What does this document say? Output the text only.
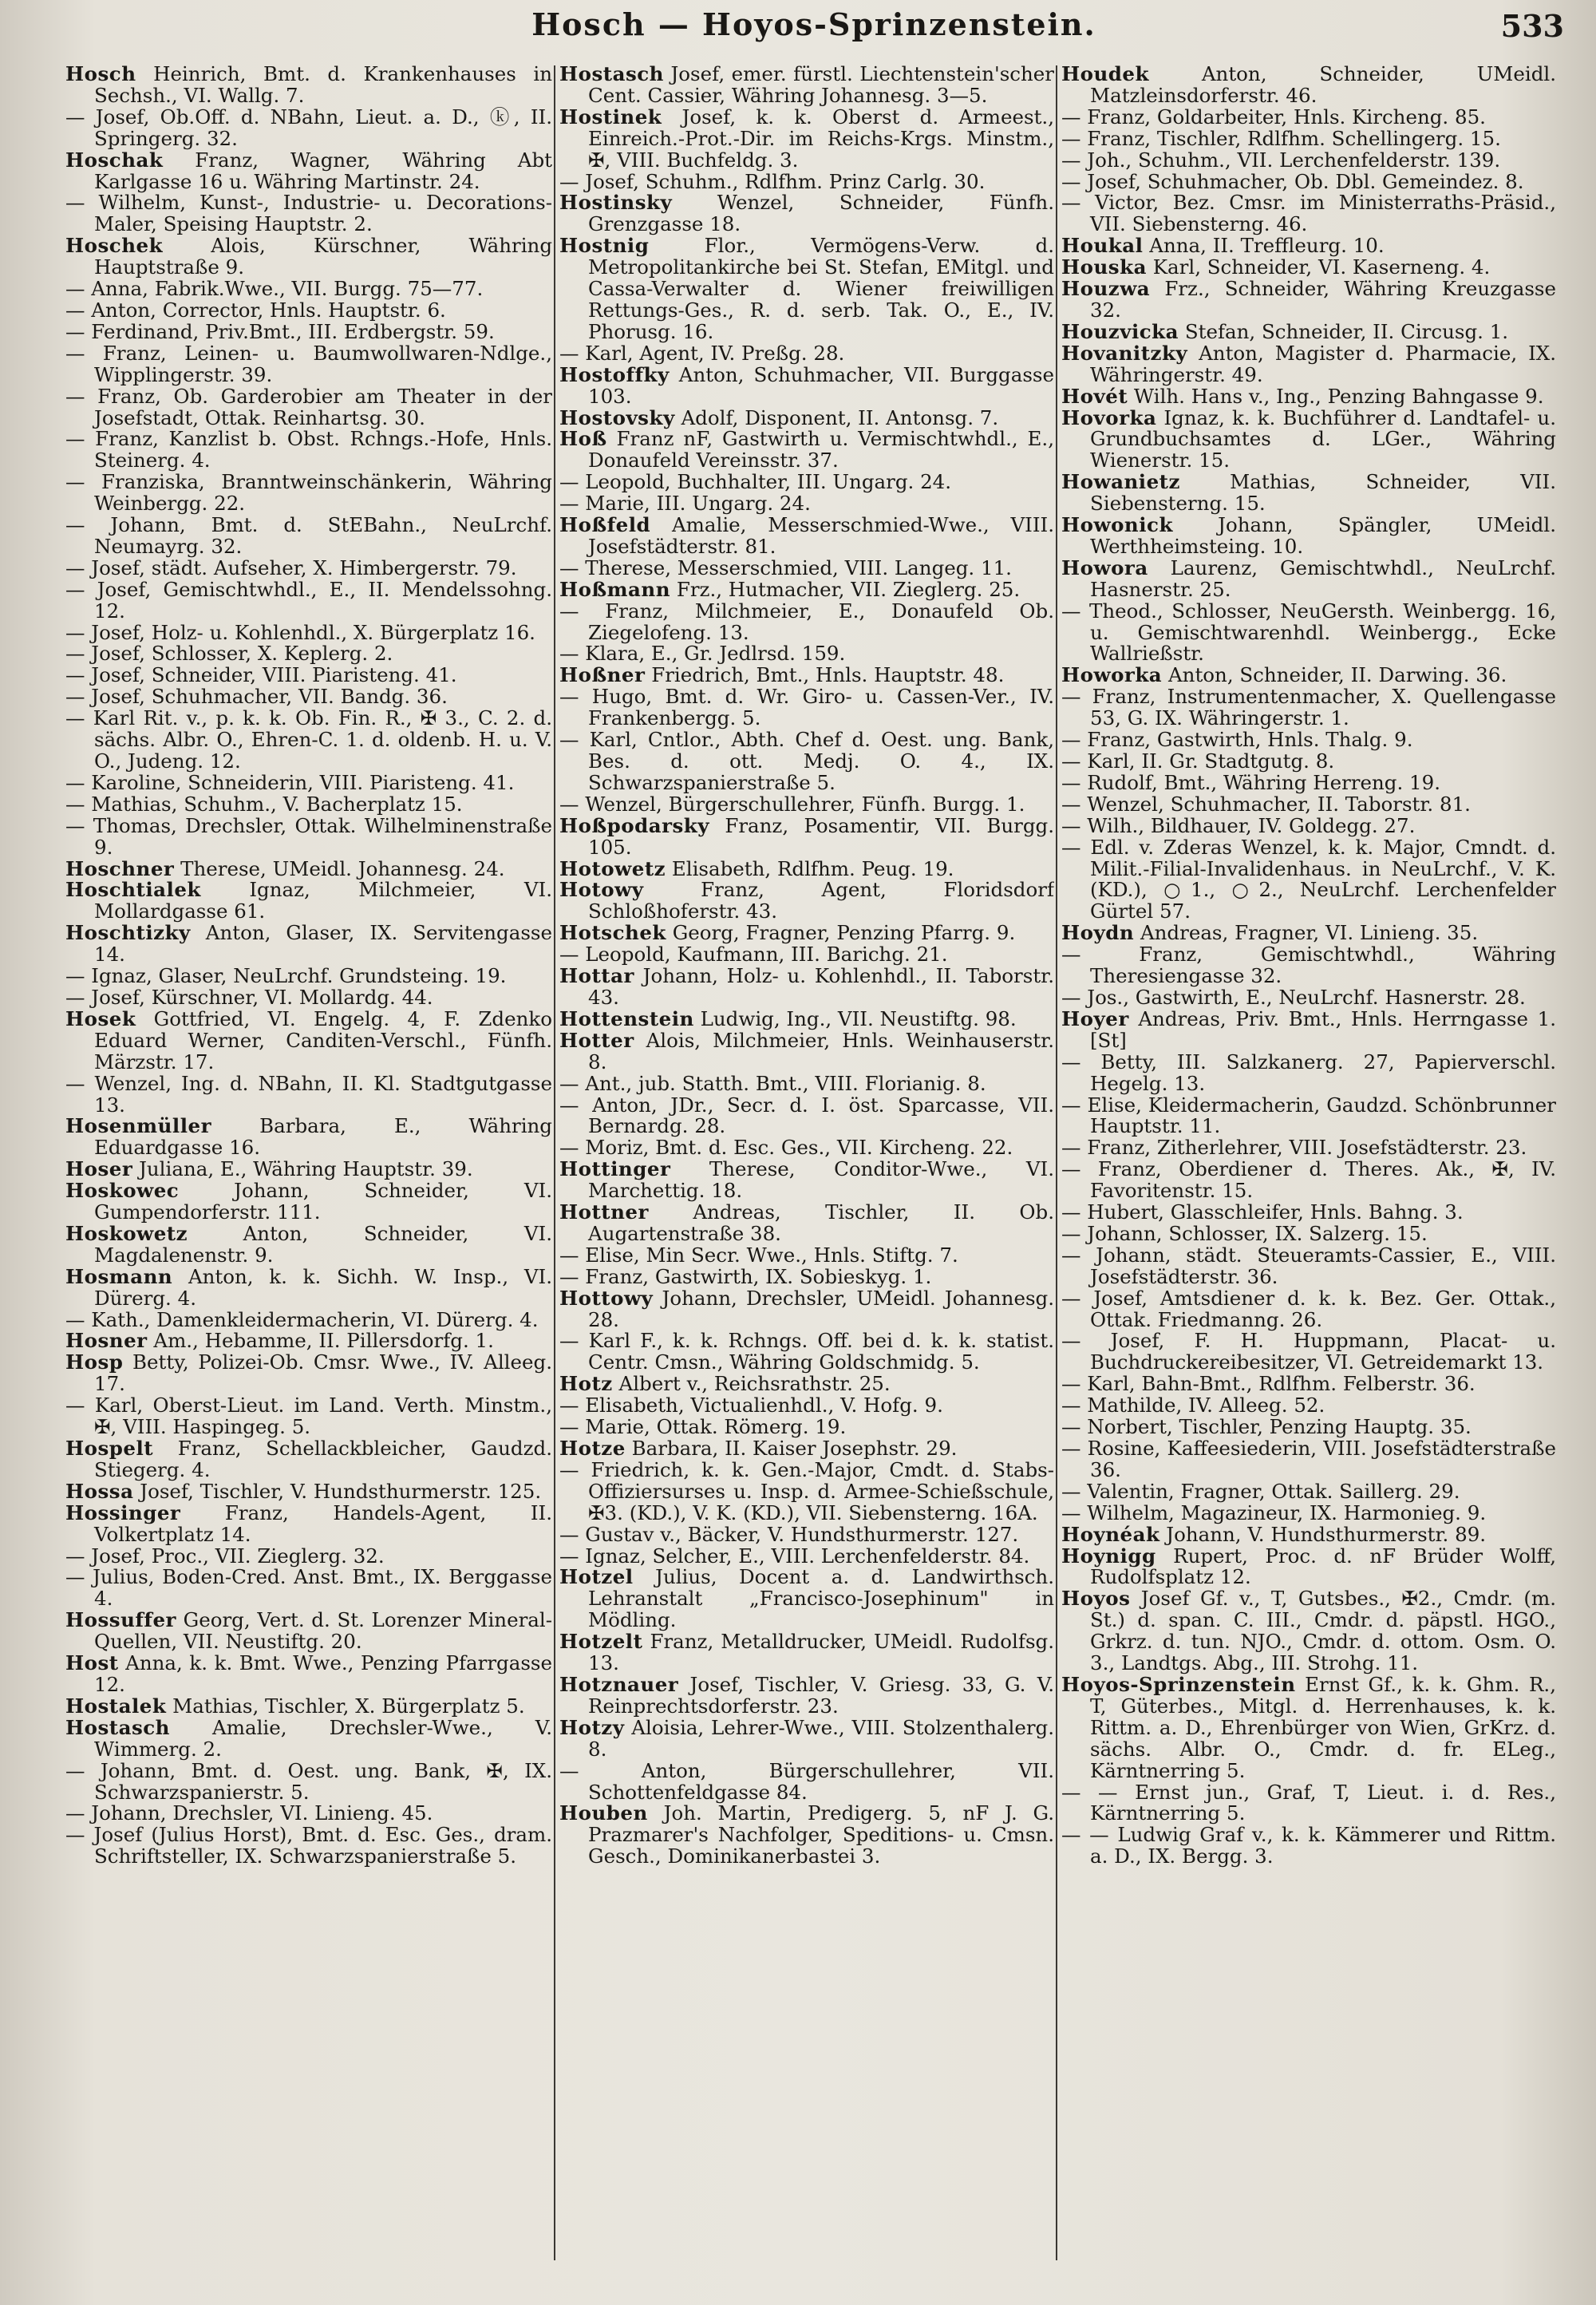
Hosch — Hoyos-Sprinzenstein.	533

Hosch Heinrich, Bmt. d. Krankenhauses in Sechsh., VI. Wallg. 7.

— Josef, Ob.Off. d. NBahn, Lieut. a. D., ⓚ, II. Springerg. 32.

Hoschak Franz, Wagner, Währing Abt Karlgasse 16 u. Währing Martinstr. 24.

— Wilhelm, Kunst-, Industrie- u. Decorations-Maler, Speising Hauptstr. 2.

Hoschek Alois, Kürschner, Währing Hauptstraße 9.

— Anna, Fabrik.Wwe., VII. Burgg. 75—77.

— Anton, Corrector, Hnls. Hauptstr. 6.

— Ferdinand, Priv.Bmt., III. Erdbergstr. 59.

— Franz, Leinen- u. Baumwollwaren-Ndlge., Wipplingerstr. 39.

— Franz, Ob. Garderobier am Theater in der Josefstadt, Ottak. Reinhartsg. 30.

— Franz, Kanzlist b. Obst. Rchngs.-Hofe, Hnls. Steinerg. 4.

— Franziska, Branntweinschänkerin, Währing Weinbergg. 22.

— Johann, Bmt. d. StEBahn., NeuLrchf. Neumayrg. 32.

— Josef, städt. Aufseher, X. Himbergerstr. 79.

— Josef, Gemischtwhdl., E., II. Mendelssohng. 12.

— Josef, Holz- u. Kohlenhdl., X. Bürgerplatz 16.

— Josef, Schlosser, X. Keplerg. 2.

— Josef, Schneider, VIII. Piaristeng. 41.

— Josef, Schuhmacher, VII. Bandg. 36.

— Karl Rit. v., p. k. k. Ob. Fin. R., ✠ 3., C. 2. d. sächs. Albr. O., Ehren-C. 1. d. oldenb. H. u. V. O., Judeng. 12.

— Karoline, Schneiderin, VIII. Piaristeng. 41.

— Mathias, Schuhm., V. Bacherplatz 15.

— Thomas, Drechsler, Ottak. Wilhelminenstraße 9.

Hoschner Therese, UMeidl. Johannesg. 24.

Hoschtialek Ignaz, Milchmeier, VI. Mollardgasse 61.

Hoschtizky Anton, Glaser, IX. Servitengasse 14.

— Ignaz, Glaser, NeuLrchf. Grundsteing. 19.

— Josef, Kürschner, VI. Mollardg. 44.

Hosek Gottfried, VI. Engelg. 4, F. Zdenko Eduard Werner, Canditen-Verschl., Fünfh. Märzstr. 17.

— Wenzel, Ing. d. NBahn, II. Kl. Stadtgutgasse 13.

Hosenmüller Barbara, E., Währing Eduardgasse 16.

Hoser Juliana, E., Währing Hauptstr. 39.

Hoskowec Johann, Schneider, VI. Gumpendorferstr. 111.

Hoskowetz Anton, Schneider, VI. Magdalenenstr. 9.

Hosmann Anton, k. k. Sichh. W. Insp., VI. Dürerg. 4.

— Kath., Damenkleidermacherin, VI. Dürerg. 4.

Hosner Am., Hebamme, II. Pillersdorfg. 1.

Hosp Betty, Polizei-Ob. Cmsr. Wwe., IV. Alleeg. 17.

— Karl, Oberst-Lieut. im Land. Verth. Minstm., ✠, VIII. Haspingeg. 5.

Hospelt Franz, Schellackbleicher, Gaudzd. Stiegerg. 4.

Hossa Josef, Tischler, V. Hundsthurmerstr. 125.

Hossinger Franz, Handels-Agent, II. Volkertplatz 14.

— Josef, Proc., VII. Zieglerg. 32.

— Julius, Boden-Cred. Anst. Bmt., IX. Berggasse 4.

Hossuffer Georg, Vert. d. St. Lorenzer Mineral-Quellen, VII. Neustiftg. 20.

Host Anna, k. k. Bmt. Wwe., Penzing Pfarrgasse 12.

Hostalek Mathias, Tischler, X. Bürgerplatz 5.

Hostasch Amalie, Drechsler-Wwe., V. Wimmerg. 2.

— Johann, Bmt. d. Oest. ung. Bank, ✠, IX. Schwarzspanierstr. 5.

— Johann, Drechsler, VI. Linieng. 45.

— Josef (Julius Horst), Bmt. d. Esc. Ges., dram. Schriftsteller, IX. Schwarzspanierstraße 5.

Hostasch Josef, emer. fürstl. Liechtenstein'scher Cent. Cassier, Währing Johannesg. 3—5.

Hostinek Josef, k. k. Oberst d. Armeest., Einreich.-Prot.-Dir. im Reichs-Krgs. Minstm., ✠, VIII. Buchfeldg. 3.

— Josef, Schuhm., Rdlfhm. Prinz Carlg. 30.

Hostinsky Wenzel, Schneider, Fünfh. Grenzgasse 18.

Hostnig Flor., Vermögens-Verw. d. Metropolitankirche bei St. Stefan, EMitgl. und Cassa-Verwalter d. Wiener freiwilligen Rettungs-Ges., R. d. serb. Tak. O., E., IV. Phorusg. 16.

— Karl, Agent, IV. Preßg. 28.

Hostoffky Anton, Schuhmacher, VII. Burggasse 103.

Hostovsky Adolf, Disponent, II. Antonsg. 7.

Hoß Franz nF, Gastwirth u. Vermischtwhdl., E., Donaufeld Vereinsstr. 37.

— Leopold, Buchhalter, III. Ungarg. 24.

— Marie, III. Ungarg. 24.

Hoßfeld Amalie, Messerschmied-Wwe., VIII. Josefstädterstr. 81.

— Therese, Messerschmied, VIII. Langeg. 11.

Hoßmann Frz., Hutmacher, VII. Zieglerg. 25.

— Franz, Milchmeier, E., Donaufeld Ob. Ziegelofeng. 13.

— Klara, E., Gr. Jedlrsd. 159.

Hoßner Friedrich, Bmt., Hnls. Hauptstr. 48.

— Hugo, Bmt. d. Wr. Giro- u. Cassen-Ver., IV. Frankenbergg. 5.

— Karl, Cntlor., Abth. Chef d. Oest. ung. Bank, Bes. d. ott. Medj. O. 4., IX. Schwarzspanierstraße 5.

— Wenzel, Bürgerschullehrer, Fünfh. Burgg. 1.

Hoßpodarsky Franz, Posamentir, VII. Burgg. 105.

Hotowetz Elisabeth, Rdlfhm. Peug. 19.

Hotowy Franz, Agent, Floridsdorf Schloßhoferstr. 43.

Hotschek Georg, Fragner, Penzing Pfarrg. 9.

— Leopold, Kaufmann, III. Barichg. 21.

Hottar Johann, Holz- u. Kohlenhdl., II. Taborstr. 43.

Hottenstein Ludwig, Ing., VII. Neustiftg. 98.

Hotter Alois, Milchmeier, Hnls. Weinhauserstr. 8.

— Ant., jub. Statth. Bmt., VIII. Florianig. 8.

— Anton, JDr., Secr. d. I. öst. Sparcasse, VII. Bernardg. 28.

— Moriz, Bmt. d. Esc. Ges., VII. Kircheng. 22.

Hottinger Therese, Conditor-Wwe., VI. Marchettig. 18.

Hottner Andreas, Tischler, II. Ob. Augartenstraße 38.

— Elise, Min Secr. Wwe., Hnls. Stiftg. 7.

— Franz, Gastwirth, IX. Sobieskyg. 1.

Hottowy Johann, Drechsler, UMeidl. Johannesg. 28.

— Karl F., k. k. Rchngs. Off. bei d. k. k. statist. Centr. Cmsn., Währing Goldschmidg. 5.

Hotz Albert v., Reichsrathstr. 25.

— Elisabeth, Victualienhdl., V. Hofg. 9.

— Marie, Ottak. Römerg. 19.

Hotze Barbara, II. Kaiser Josephstr. 29.

— Friedrich, k. k. Gen.-Major, Cmdt. d. Stabs-Offiziersurses u. Insp. d. Armee-Schießschule, ✠3. (KD.), V. K. (KD.), VII. Siebensterng. 16A.

— Gustav v., Bäcker, V. Hundsthurmerstr. 127.

— Ignaz, Selcher, E., VIII. Lerchenfelderstr. 84.

Hotzel Julius, Docent a. d. Landwirthsch. Lehranstalt „Francisco-Josephinum" in Mödling.

Hotzelt Franz, Metalldrucker, UMeidl. Rudolfsg. 13.

Hotznauer Josef, Tischler, V. Griesg. 33, G. V. Reinprechtsdorferstr. 23.

Hotzy Aloisia, Lehrer-Wwe., VIII. Stolzenthalerg. 8.

— Anton, Bürgerschullehrer, VII. Schottenfeldgasse 84.

Houben Joh. Martin, Predigerg. 5, nF J. G. Prazmarer's Nachfolger, Speditions- u. Cmsn. Gesch., Dominikanerbastei 3.

Houdek Anton, Schneider, UMeidl. Matzleinsdorferstr. 46.

— Franz, Goldarbeiter, Hnls. Kircheng. 85.

— Franz, Tischler, Rdlfhm. Schellingerg. 15.

— Joh., Schuhm., VII. Lerchenfelderstr. 139.

— Josef, Schuhmacher, Ob. Dbl. Gemeindez. 8.

— Victor, Bez. Cmsr. im Ministerraths-Präsid., VII. Siebensterng. 46.

Houkal Anna, II. Treffleurg. 10.

Houska Karl, Schneider, VI. Kaserneng. 4.

Houzwa Frz., Schneider, Währing Kreuzgasse 32.

Houzvicka Stefan, Schneider, II. Circusg. 1.

Hovanitzky Anton, Magister d. Pharmacie, IX. Währingerstr. 49.

Hovét Wilh. Hans v., Ing., Penzing Bahngasse 9.

Hovorka Ignaz, k. k. Buchführer d. Landtafel- u. Grundbuchsamtes d. LGer., Währing Wienerstr. 15.

Howanietz Mathias, Schneider, VII. Siebensterng. 15.

Howonick Johann, Spängler, UMeidl. Werthheimsteing. 10.

Howora Laurenz, Gemischtwhdl., NeuLrchf. Hasnerstr. 25.

— Theod., Schlosser, NeuGersth. Weinbergg. 16, u. Gemischtwarenhdl. Weinbergg., Ecke Wallrießstr.

Howorka Anton, Schneider, II. Darwing. 36.

— Franz, Instrumentenmacher, X. Quellengasse 53, G. IX. Währingerstr. 1.

— Franz, Gastwirth, Hnls. Thalg. 9.

— Karl, II. Gr. Stadtgutg. 8.

— Rudolf, Bmt., Währing Herreng. 19.

— Wenzel, Schuhmacher, II. Taborstr. 81.

— Wilh., Bildhauer, IV. Goldegg. 27.

— Edl. v. Zderas Wenzel, k. k. Major, Cmndt. d. Milit.-Filial-Invalidenhaus. in NeuLrchf., V. K. (KD.), ○1., ○2., NeuLrchf. Lerchenfelder Gürtel 57.

Hoydn Andreas, Fragner, VI. Linieng. 35.

— Franz, Gemischtwhdl., Währing Theresiengasse 32.

— Jos., Gastwirth, E., NeuLrchf. Hasnerstr. 28.

Hoyer Andreas, Priv. Bmt., Hnls. Herrngasse 1. [St]

— Betty, III. Salzkanerg. 27, Papierverschl. Hegelg. 13.

— Elise, Kleidermacherin, Gaudzd. Schönbrunner Hauptstr. 11.

— Franz, Zitherlehrer, VIII. Josefstädterstr. 23.

— Franz, Oberdiener d. Theres. Ak., ✠, IV. Favoritenstr. 15.

— Hubert, Glasschleifer, Hnls. Bahng. 3.

— Johann, Schlosser, IX. Salzerg. 15.

— Johann, städt. Steueramts-Cassier, E., VIII. Josefstädterstr. 36.

— Josef, Amtsdiener d. k. k. Bez. Ger. Ottak., Ottak. Friedmanng. 26.

— Josef, F. H. Huppmann, Placat- u. Buchdruckereibesitzer, VI. Getreidemarkt 13.

— Karl, Bahn-Bmt., Rdlfhm. Felberstr. 36.

— Mathilde, IV. Alleeg. 52.

— Norbert, Tischler, Penzing Hauptg. 35.

— Rosine, Kaffeesiederin, VIII. Josefstädterstraße 36.

— Valentin, Fragner, Ottak. Saillerg. 29.

— Wilhelm, Magazineur, IX. Harmonieg. 9.

Hoynéak Johann, V. Hundsthurmerstr. 89.

Hoynigg Rupert, Proc. d. nF Brüder Wolff, Rudolfsplatz 12.

Hoyos Josef Gf. v., T, Gutsbes., ✠2., Cmdr. (m. St.) d. span. C. III., Cmdr. d. päpstl. HGO., Grkrz. d. tun. NJO., Cmdr. d. ottom. Osm. O. 3., Landtgs. Abg., III. Strohg. 11.

Hoyos-Sprinzenstein Ernst Gf., k. k. Ghm. R., T, Güterbes., Mitgl. d. Herrenhauses, k. k. Rittm. a. D., Ehrenbürger von Wien, GrKrz. d. sächs. Albr. O., Cmdr. d. fr. ELeg., Kärntnerring 5.

— — Ernst jun., Graf, T, Lieut. i. d. Res., Kärntnerring 5.

— — Ludwig Graf v., k. k. Kämmerer und Rittm. a. D., IX. Bergg. 3.
